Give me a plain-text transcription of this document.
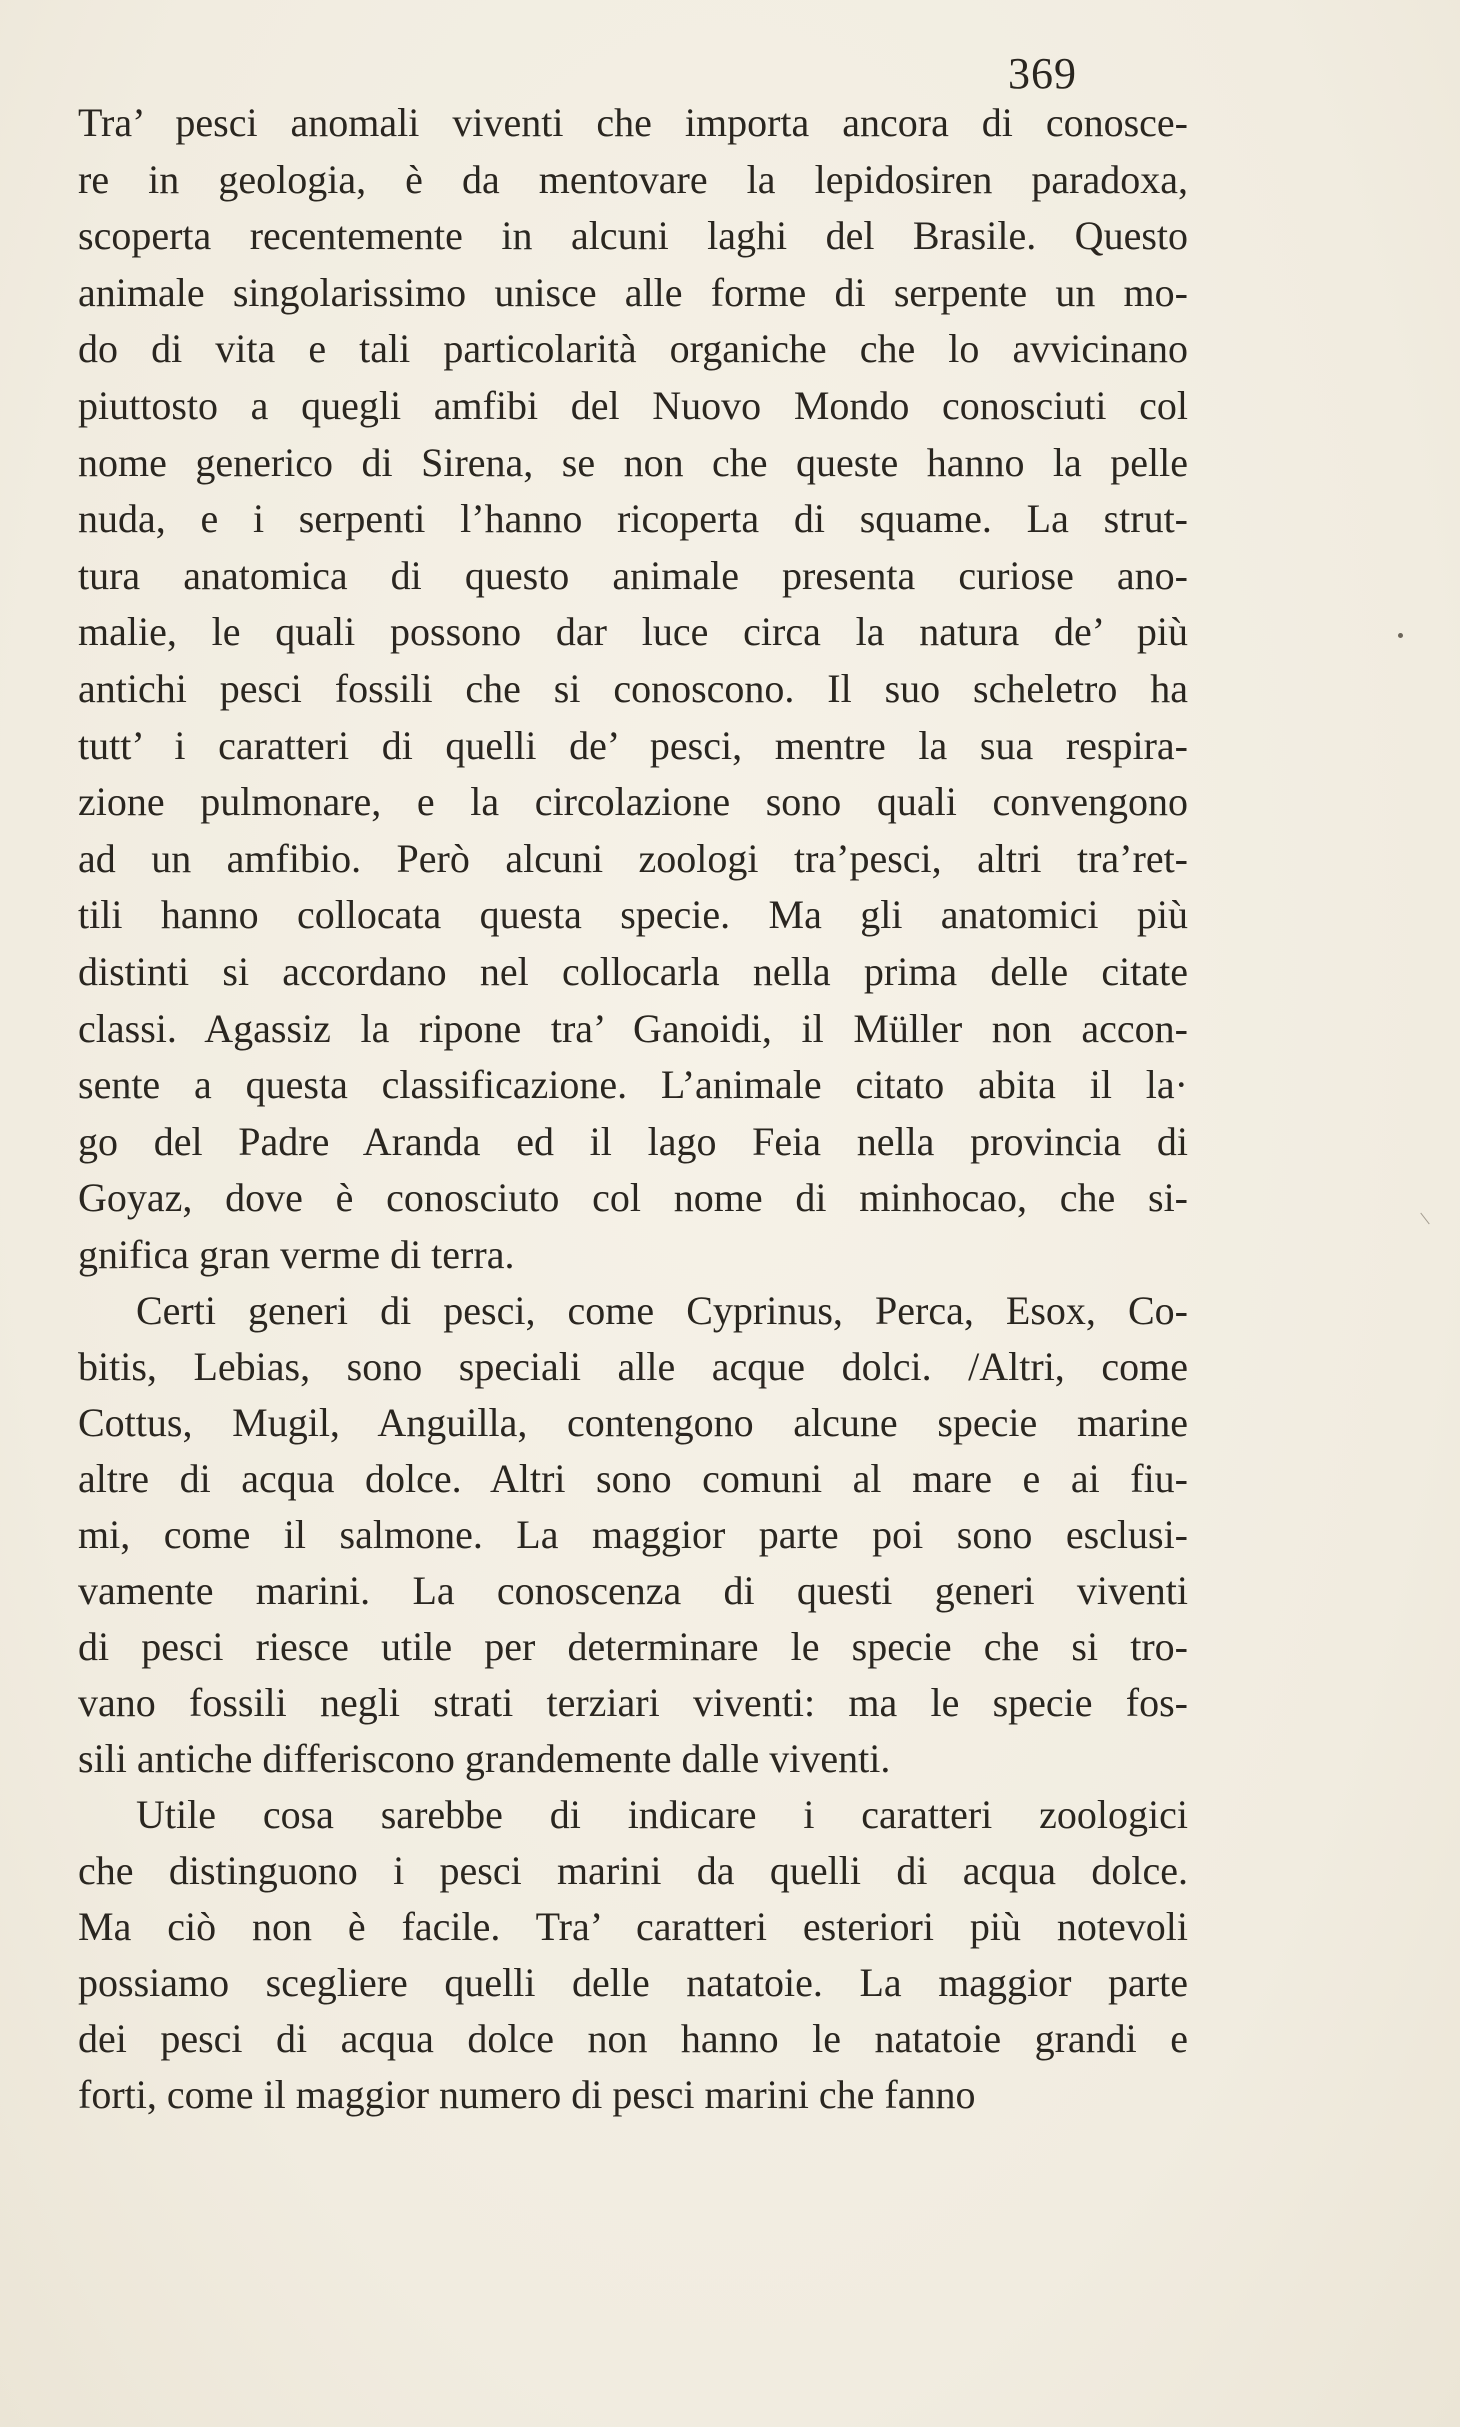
369
Tra’ pesci anomali viventi che importa ancora di conosce-
re in geologia, è da mentovare la lepidosiren paradoxa,
scoperta recentemente in alcuni laghi del Brasile. Questo
animale singolarissimo unisce alle forme di serpente un mo-
do di vita e tali particolarità organiche che lo avvicinano
piuttosto a quegli amfibi del Nuovo Mondo conosciuti col
nome generico di Sirena, se non che queste hanno la pelle
nuda, e i serpenti l’hanno ricoperta di squame. La strut-
tura anatomica di questo animale presenta curiose ano-
malie, le quali possono dar luce circa la natura de’ più
antichi pesci fossili che si conoscono. Il suo scheletro ha
tutt’ i caratteri di quelli de’ pesci, mentre la sua respira-
zione pulmonare, e la circolazione sono quali convengono
ad un amfibio. Però alcuni zoologi tra’pesci, altri tra’ret-
tili hanno collocata questa specie. Ma gli anatomici più
distinti si accordano nel collocarla nella prima delle citate
classi. Agassiz la ripone tra’ Ganoidi, il Müller non accon-
sente a questa classificazione. L’animale citato abita il la·
go del Padre Aranda ed il lago Feia nella provincia di
Goyaz, dove è conosciuto col nome di minhocao, che si-
gnifica gran verme di terra.
Certi generi di pesci, come Cyprinus, Perca, Esox, Co-
bitis, Lebias, sono speciali alle acque dolci. /Altri, come
Cottus, Mugil, Anguilla, contengono alcune specie marine
altre di acqua dolce. Altri sono comuni al mare e ai fiu-
mi, come il salmone. La maggior parte poi sono esclusi-
vamente marini. La conoscenza di questi generi viventi
di pesci riesce utile per determinare le specie che si tro-
vano fossili negli strati terziari viventi: ma le specie fos-
sili antiche differiscono grandemente dalle viventi.
Utile cosa sarebbe di indicare i caratteri zoologici
che distinguono i pesci marini da quelli di acqua dolce.
Ma ciò non è facile. Tra’ caratteri esteriori più notevoli
possiamo scegliere quelli delle natatoie. La maggior parte
dei pesci di acqua dolce non hanno le natatoie grandi e
forti, come il maggior numero di pesci marini che fanno
